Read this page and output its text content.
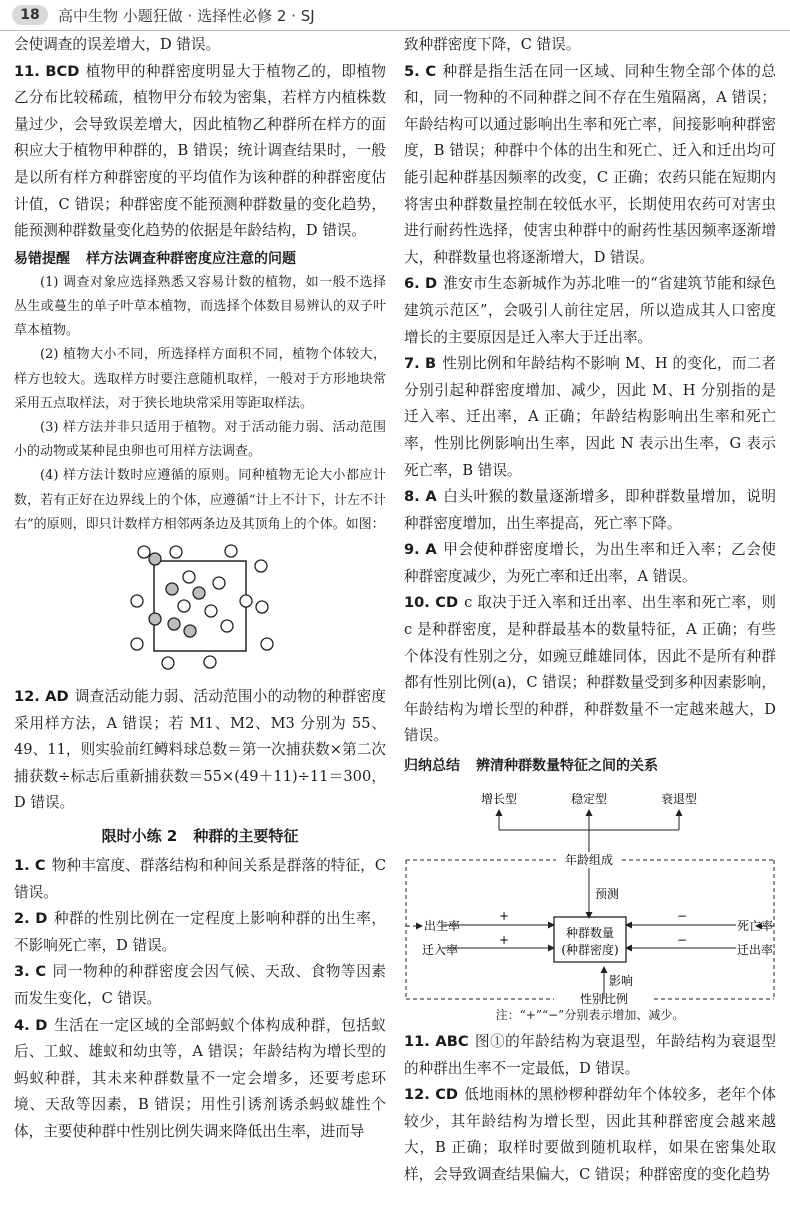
18	高中生物 小题狂做 · 选择性必修 2 · SJ

会使调查的误差增大，D 错误。

11. BCD 植物甲的种群密度明显大于植物乙的，即植物乙分布比较稀疏，植物甲分布较为密集，若样方内植株数量过少，会导致误差增大，因此植物乙种群所在样方的面积应大于植物甲种群的，B 错误；统计调查结果时，一般是以所有样方种群密度的平均值作为该种群的种群密度估计值，C 错误；种群密度不能预测种群数量的变化趋势，能预测种群数量变化趋势的依据是年龄结构，D 错误。

易错提醒 样方法调查种群密度应注意的问题

(1) 调查对象应选择熟悉又容易计数的植物，如一般不选择丛生或蔓生的单子叶草本植物，而选择个体数目易辨认的双子叶草本植物。

(2) 植物大小不同，所选择样方面积不同，植物个体较大，样方也较大。选取样方时要注意随机取样，一般对于方形地块常采用五点取样法，对于狭长地块常采用等距取样法。

(3) 样方法并非只适用于植物。对于活动能力弱、活动范围小的动物或某种昆虫卵也可用样方法调查。

(4) 样方法计数时应遵循的原则。同种植物无论大小都应计数，若有正好在边界线上的个体，应遵循“计上不计下，计左不计右”的原则，即只计数样方相邻两条边及其顶角上的个体。如图：

12. AD 调查活动能力弱、活动范围小的动物的种群密度采用样方法，A 错误；若 M1、M2、M3 分别为 55、49、11，则实验前红鳟料球总数＝第一次捕获数×第二次捕获数÷标志后重新捕获数＝55×(49＋11)÷11＝300，D 错误。

限时小练 2 种群的主要特征

1. C 物种丰富度、群落结构和种间关系是群落的特征，C 错误。

2. D 种群的性别比例在一定程度上影响种群的出生率，不影响死亡率，D 错误。

3. C 同一物种的种群密度会因气候、天敌、食物等因素而发生变化，C 错误。

4. D 生活在一定区域的全部蚂蚁个体构成种群，包括蚁后、工蚁、雄蚁和幼虫等，A 错误；年龄结构为增长型的蚂蚁种群，其未来种群数量不一定会增多，还要考虑环境、天敌等因素，B 错误；用性引诱剂诱杀蚂蚁雄性个体，主要使种群中性别比例失调来降低出生率，进而导

致种群密度下降，C 错误。

5. C 种群是指生活在同一区域、同种生物全部个体的总和，同一物种的不同种群之间不存在生殖隔离，A 错误；年龄结构可以通过影响出生率和死亡率，间接影响种群密度，B 错误；种群中个体的出生和死亡、迁入和迁出均可能引起种群基因频率的改变，C 正确；农药只能在短期内将害虫种群数量控制在较低水平，长期使用农药可对害虫进行耐药性选择，使害虫种群中的耐药性基因频率逐渐增大，种群数量也将逐渐增大，D 错误。

6. D 淮安市生态新城作为苏北唯一的“省建筑节能和绿色建筑示范区”，会吸引人前往定居，所以造成其人口密度增长的主要原因是迁入率大于迁出率。

7. B 性别比例和年龄结构不影响 M、H 的变化，而二者分别引起种群密度增加、减少，因此 M、H 分别指的是迁入率、迁出率，A 正确；年龄结构影响出生率和死亡率，性别比例影响出生率，因此 N 表示出生率，G 表示死亡率，B 错误。

8. A 白头叶猴的数量逐渐增多，即种群数量增加，说明种群密度增加，出生率提高，死亡率下降。

9. A 甲会使种群密度增长，为出生率和迁入率；乙会使种群密度减少，为死亡率和迁出率，A 错误。

10. CD c 取决于迁入率和迁出率、出生率和死亡率，则 c 是种群密度，是种群最基本的数量特征，A 正确；有些个体没有性别之分，如豌豆雌雄同体，因此不是所有种群都有性别比例(a)，C 错误；种群数量受到多种因素影响，年龄结构为增长型的种群，种群数量不一定越来越大，D 错误。

归纳总结 辨清种群数量特征之间的关系
增长型	稳定型	衰退型
年龄组成
预测
种群数量
(种群密度)
出生率
迁入率
死亡率
迁出率
+
+
−
−
影响
性别比例
注：“+”“−”分别表示增加、减少。

11. ABC 图①的年龄结构为衰退型，年龄结构为衰退型的种群出生率不一定最低，D 错误。

12. CD 低地雨林的黑桫椤种群幼年个体较多，老年个体较少，其年龄结构为增长型，因此其种群密度会越来越大，B 正确；取样时要做到随机取样，如果在密集处取样，会导致调查结果偏大，C 错误；种群密度的变化趋势
